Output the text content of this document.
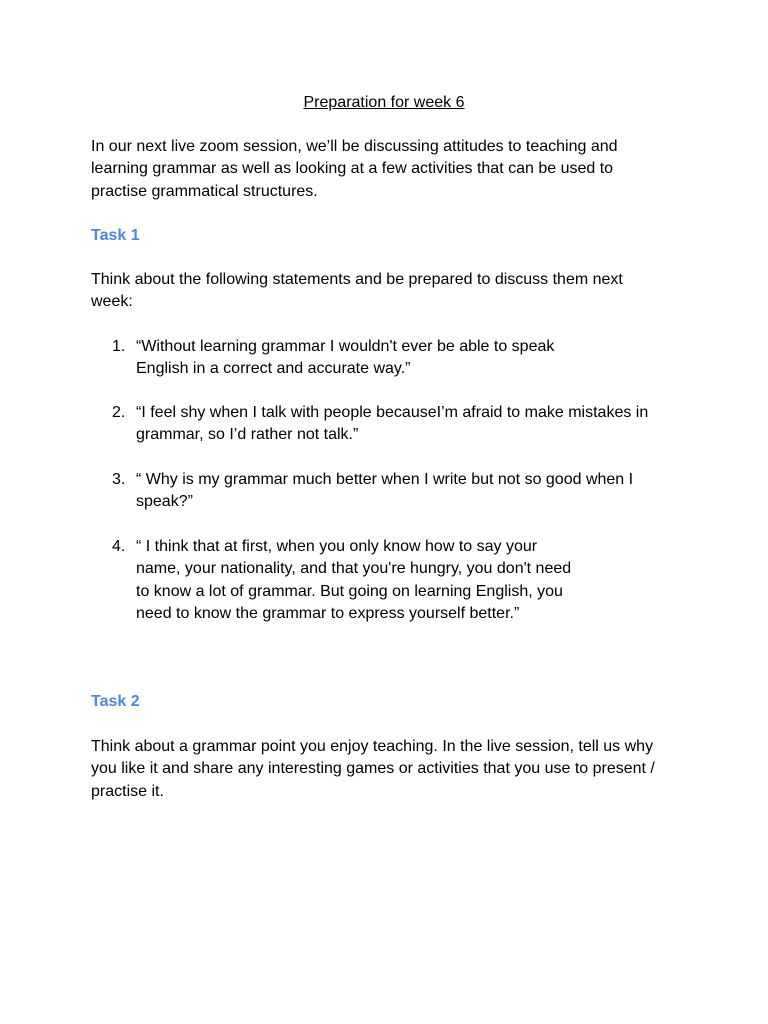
Preparation for week 6
In our next live zoom session, we’ll be discussing attitudes to teaching and
learning grammar as well as looking at a few activities that can be used to
practise grammatical structures.
Task 1
Think about the following statements and be prepared to discuss them next
week:
1. “Without learning grammar I wouldn't ever be able to speak
English in a correct and accurate way.”
2. “I feel shy when I talk with people becauseI’m afraid to make mistakes in
grammar, so I’d rather not talk.”
3. “ Why is my grammar much better when I write but not so good when I
speak?”
4. “ I think that at first, when you only know how to say your
name, your nationality, and that you're hungry, you don't need
to know a lot of grammar. But going on learning English, you
need to know the grammar to express yourself better.”
Task 2
Think about a grammar point you enjoy teaching. In the live session, tell us why
you like it and share any interesting games or activities that you use to present /
practise it.
